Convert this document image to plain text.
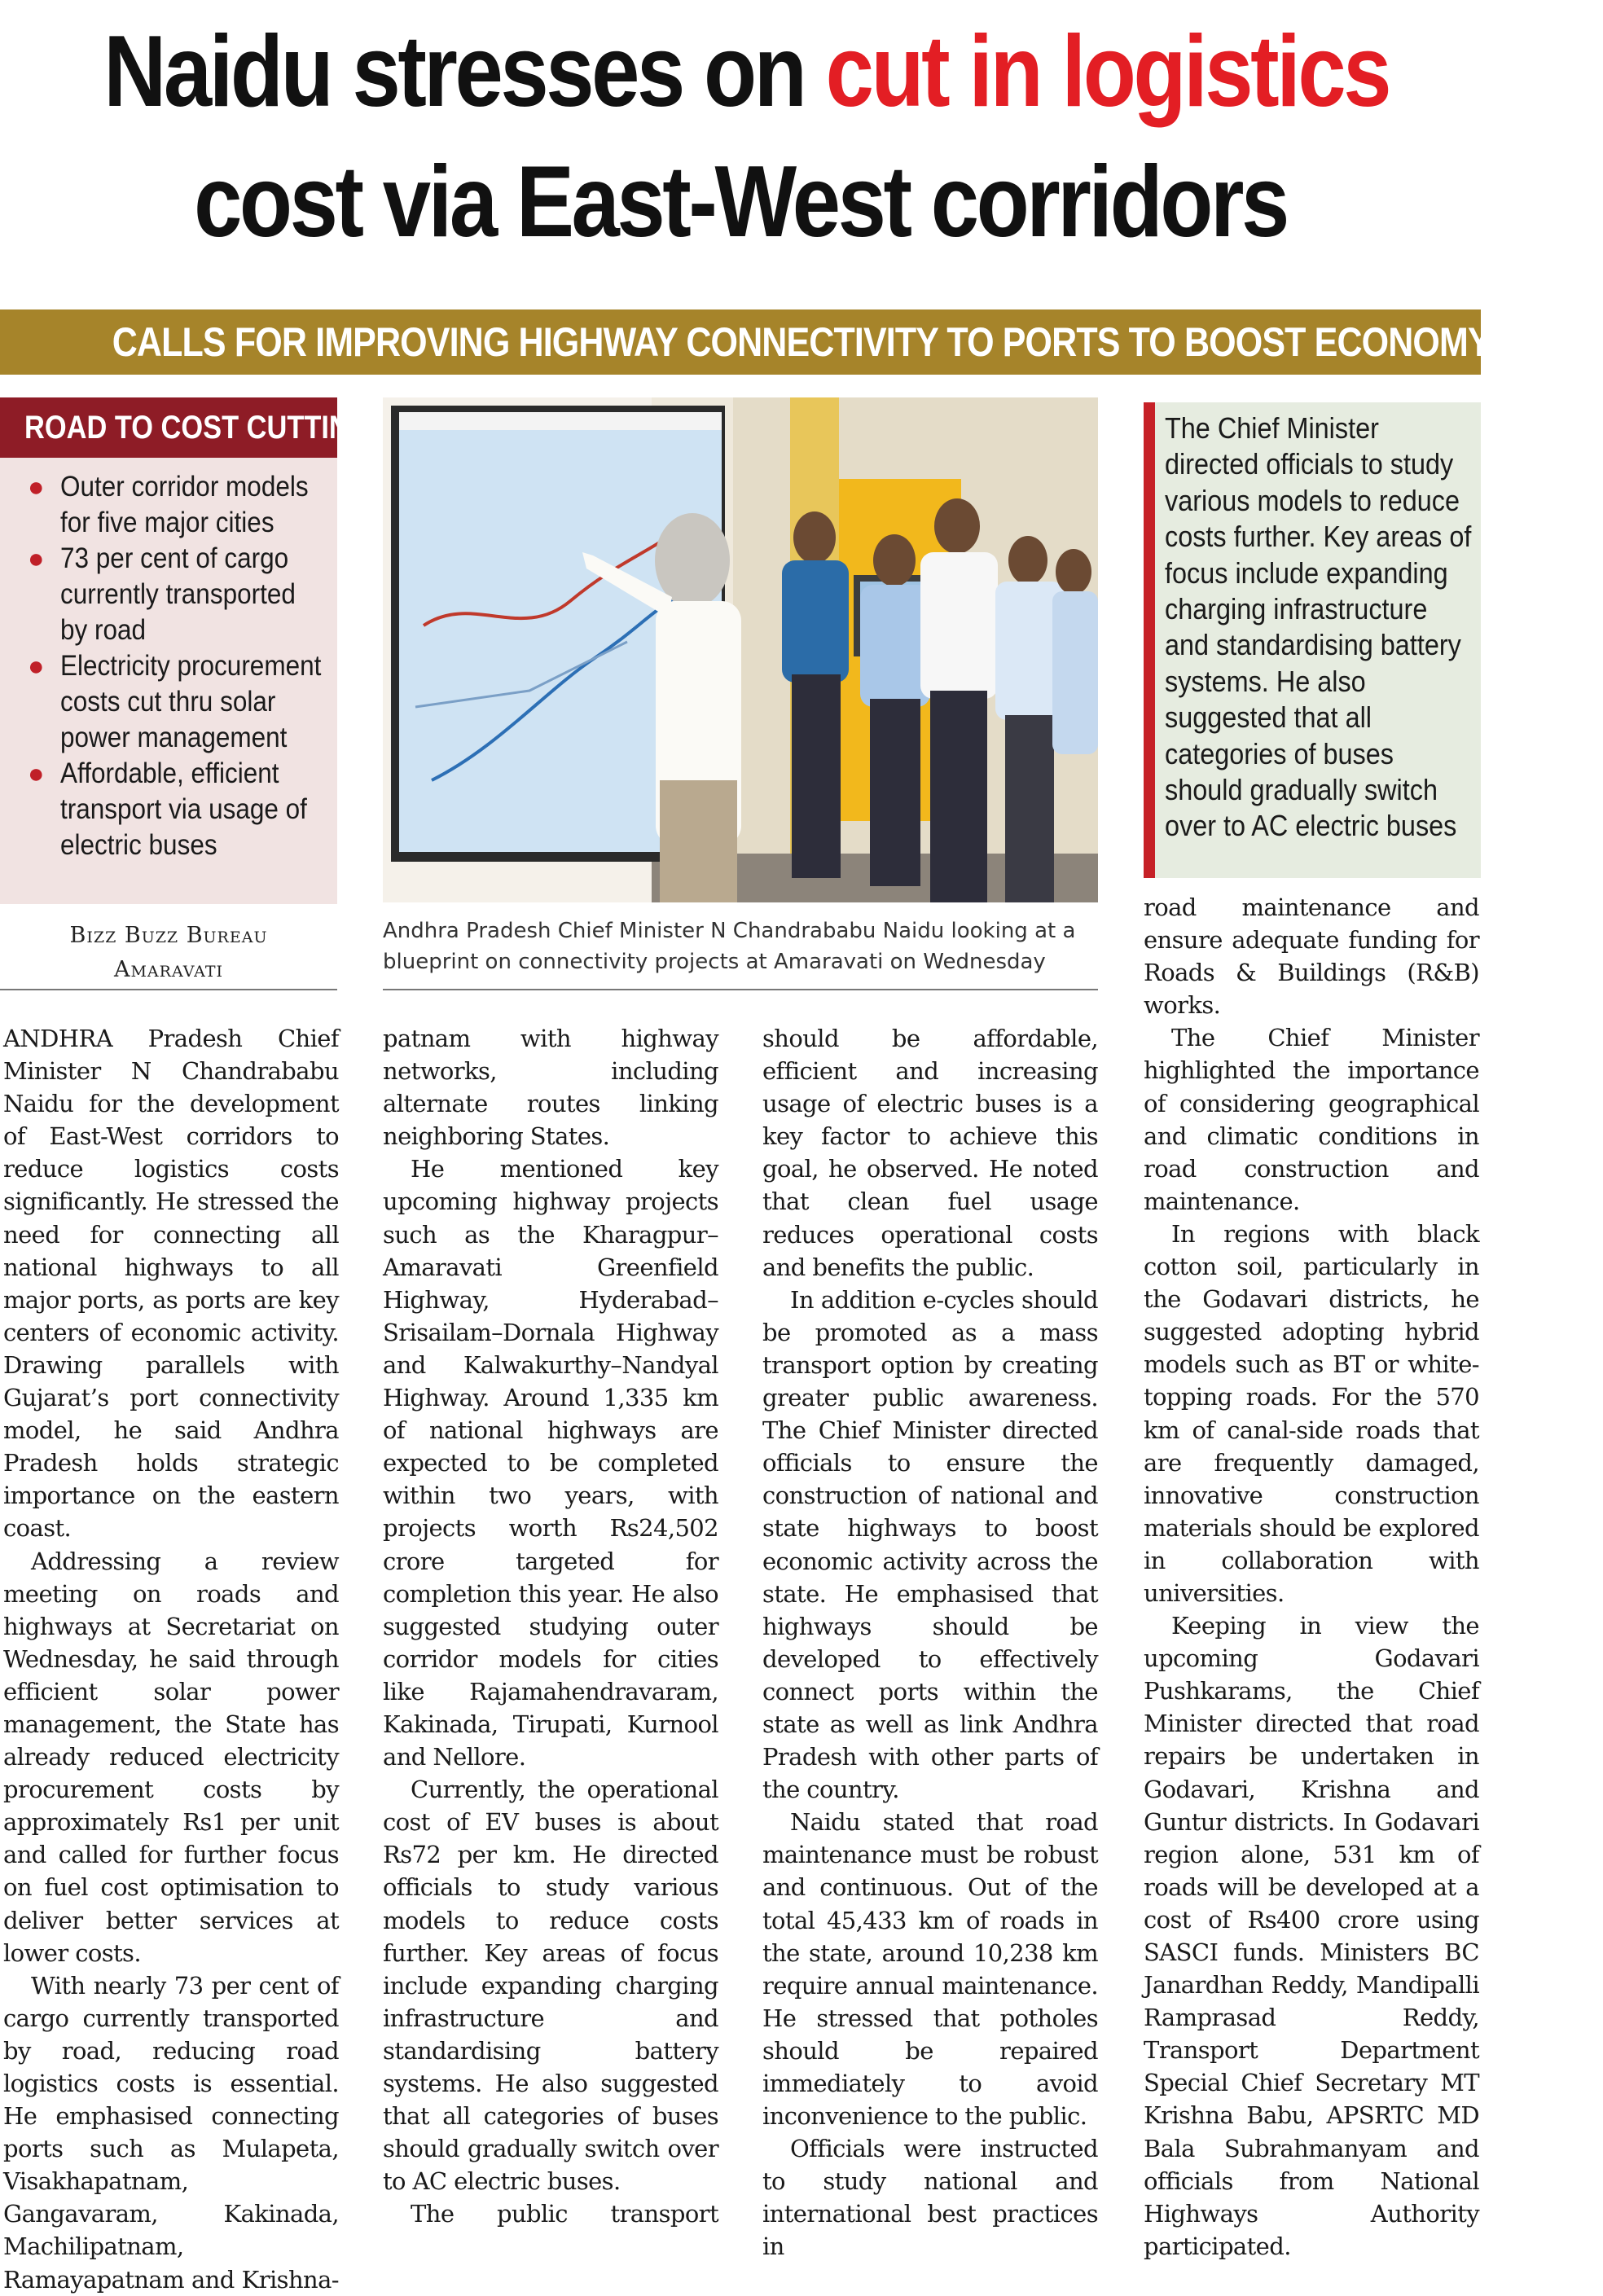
Naidu stresses on cut in logistics
cost via East-West corridors
CALLS FOR IMPROVING HIGHWAY CONNECTIVITY TO PORTS TO BOOST ECONOMY
ROAD TO COST CUTTING
● Outer corridor models for five major cities
● 73 per cent of cargo currently transported by road
● Electricity procurement costs cut thru solar power management
● Affordable, efficient transport via usage of electric buses
Bizz Buzz Bureau
Amaravati
Andhra Pradesh Chief Minister N Chandrababu Naidu looking at a blueprint on connectivity projects at Amaravati on Wednesday
The Chief Minister directed officials to study various models to reduce costs further. Key areas of focus include expanding charging infrastructure and standardising battery systems. He also suggested that all categories of buses should gradually switch over to AC electric buses

ANDHRA Pradesh Chief Minister N Chandrababu Naidu for the development of East-West corridors to reduce logistics costs significantly. He stressed the need for connecting all national highways to all major ports, as ports are key centers of economic activity. Drawing parallels with Gujarat’s port connectivity model, he said Andhra Pradesh holds strategic importance on the eastern coast.

Addressing a review meeting on roads and highways at Secretariat on Wednesday, he said through efficient solar power management, the State has already reduced electricity procurement costs by approximately Rs1 per unit and called for further focus on fuel cost optimisation to deliver better services at lower costs.

With nearly 73 per cent of cargo currently transported by road, reducing road logistics costs is essential. He emphasised connecting ports such as Mulapeta, Visakhapatnam, Gangavaram, Kakinada, Machilipatnam, Ramayapatnam and Krishna-

patnam with highway networks, including alternate routes linking neighboring States.

He mentioned key upcoming highway projects such as the Kharagpur–Amaravati Greenfield Highway, Hyderabad–Srisailam–Dornala Highway and Kalwakurthy–Nandyal Highway. Around 1,335 km of national highways are expected to be completed within two years, with projects worth Rs24,502 crore targeted for completion this year. He also suggested studying outer corridor models for cities like Rajamahendravaram, Kakinada, Tirupati, Kurnool and Nellore.

Currently, the operational cost of EV buses is about Rs72 per km. He directed officials to study various models to reduce costs further. Key areas of focus include expanding charging infrastructure and standardising battery systems. He also suggested that all categories of buses should gradually switch over to AC electric buses.

The public transport

should be affordable, efficient and increasing usage of electric buses is a key factor to achieve this goal, he observed. He noted that clean fuel usage reduces operational costs and benefits the public.

In addition e-cycles should be promoted as a mass transport option by creating greater public awareness. The Chief Minister directed officials to ensure the construction of national and state highways to boost economic activity across the state. He emphasised that highways should be developed to effectively connect ports within the state as well as link Andhra Pradesh with other parts of the country.

Naidu stated that road maintenance must be robust and continuous. Out of the total 45,433 km of roads in the state, around 10,238 km require annual maintenance. He stressed that potholes should be repaired immediately to avoid inconvenience to the public.

Officials were instructed to study national and international best practices in

road maintenance and ensure adequate funding for Roads & Buildings (R&B) works.

The Chief Minister highlighted the importance of considering geographical and climatic conditions in road construction and maintenance.

In regions with black cotton soil, particularly in the Godavari districts, he suggested adopting hybrid models such as BT or white-topping roads. For the 570 km of canal-side roads that are frequently damaged, innovative construction materials should be explored in collaboration with universities.

Keeping in view the upcoming Godavari Pushkarams, the Chief Minister directed that road repairs be undertaken in Godavari, Krishna and Guntur districts. In Godavari region alone, 531 km of roads will be developed at a cost of Rs400 crore using SASCI funds. Ministers BC Janardhan Reddy, Mandipalli Ramprasad Reddy, Transport Department Special Chief Secretary MT Krishna Babu, APSRTC MD Bala Subrahmanyam and officials from National Highways Authority participated.
